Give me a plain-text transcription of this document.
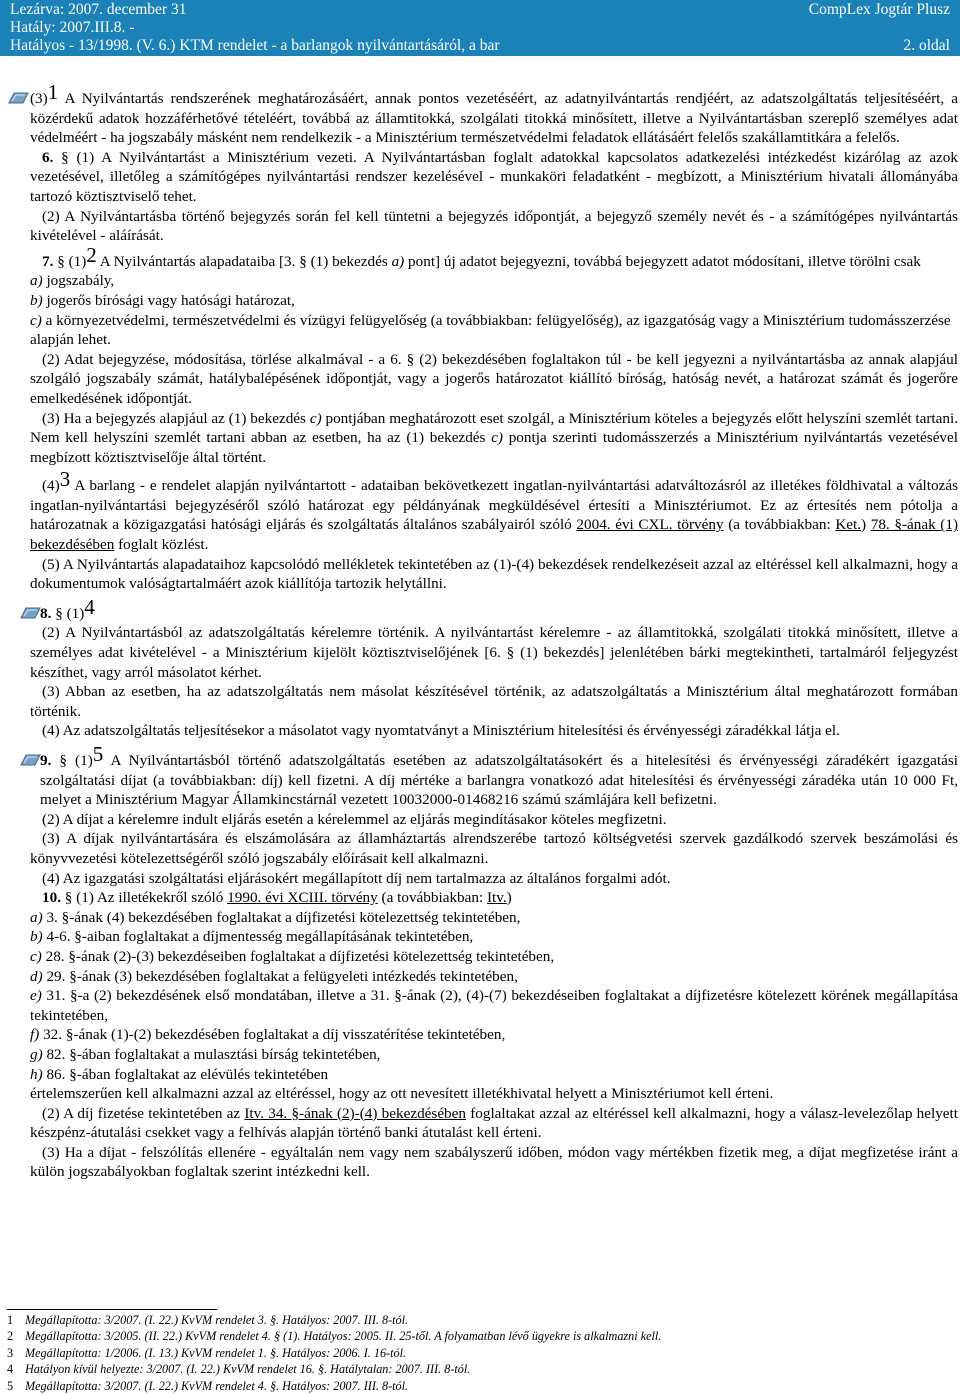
Lezárva: 2007. december 31	CompLex Jogtár Plusz
Hatály: 2007.III.8. -
Hatályos - 13/1998. (V. 6.) KTM rendelet - a barlangok nyilvántartásáról, a bar	2. oldal

$(3)^1$ A Nyilvántartás rendszerének meghatározásáért, annak pontos vezetéséért, az adatnyilvántartás rendjéért, az adatszolgáltatás teljesítéséért, a közérdekű adatok hozzáférhetővé tételéért, továbbá az államtitokká, szolgálati titokká minősített, illetve a Nyilvántartásban szereplő személyes adat védelméért - ha jogszabály másként nem rendelkezik - a Minisztérium természetvédelmi feladatok ellátásáért felelős szakállamtitkára a felelős.

6. § (1) A Nyilvántartást a Minisztérium vezeti. A Nyilvántartásban foglalt adatokkal kapcsolatos adatkezelési intézkedést kizárólag az azok vezetésével, illetőleg a számítógépes nyilvántartási rendszer kezelésével - munkaköri feladatként - megbízott, a Minisztérium hivatali állományába tartozó köztisztviselő tehet.

(2) A Nyilvántartásba történő bejegyzés során fel kell tüntetni a bejegyzés időpontját, a bejegyző személy nevét és - a számítógépes nyilvántartás kivételével - aláírását.

7. § $(1)^2$ A Nyilvántartás alapadataiba [3. § (1) bekezdés a) pont] új adatot bejegyezni, továbbá bejegyzett adatot módosítani, illetve törölni csak

a) jogszabály,

b) jogerős bírósági vagy hatósági határozat,

c) a környezetvédelmi, természetvédelmi és vízügyi felügyelőség (a továbbiakban: felügyelőség), az igazgatóság vagy a Minisztérium tudomásszerzése

alapján lehet.

(2) Adat bejegyzése, módosítása, törlése alkalmával - a 6. § (2) bekezdésében foglaltakon túl - be kell jegyezni a nyilvántartásba az annak alapjául szolgáló jogszabály számát, hatálybalépésének időpontját, vagy a jogerős határozatot kiállító bíróság, hatóság nevét, a határozat számát és jogerőre emelkedésének időpontját.

(3) Ha a bejegyzés alapjául az (1) bekezdés c) pontjában meghatározott eset szolgál, a Minisztérium köteles a bejegyzés előtt helyszíni szemlét tartani. Nem kell helyszíni szemlét tartani abban az esetben, ha az (1) bekezdés c) pontja szerinti tudomásszerzés a Minisztérium nyilvántartás vezetésével megbízott köztisztviselője által történt.

$(4)^3$ A barlang - e rendelet alapján nyilvántartott - adataiban bekövetkezett ingatlan-nyilvántartási adatváltozásról az illetékes földhivatal a változás ingatlan-nyilvántartási bejegyzéséről szóló határozat egy példányának megküldésével értesíti a Minisztériumot. Ez az értesítés nem pótolja a határozatnak a közigazgatási hatósági eljárás és szolgáltatás általános szabályairól szóló 2004. évi CXL. törvény (a továbbiakban: Ket.) 78. §-ának (1) bekezdésében foglalt közlést.

(5) A Nyilvántartás alapadataihoz kapcsolódó mellékletek tekintetében az (1)-(4) bekezdések rendelkezéseit azzal az eltéréssel kell alkalmazni, hogy a dokumentumok valóságtartalmáért azok kiállítója tartozik helytállni.

8. § $(1)^4$

(2) A Nyilvántartásból az adatszolgáltatás kérelemre történik. A nyilvántartást kérelemre - az államtitokká, szolgálati titokká minősített, illetve a személyes adat kivételével - a Minisztérium kijelölt köztisztviselőjének [6. § (1) bekezdés] jelenlétében bárki megtekintheti, tartalmáról feljegyzést készíthet, vagy arról másolatot kérhet.

(3) Abban az esetben, ha az adatszolgáltatás nem másolat készítésével történik, az adatszolgáltatás a Minisztérium által meghatározott formában történik.

(4) Az adatszolgáltatás teljesítésekor a másolatot vagy nyomtatványt a Minisztérium hitelesítési és érvényességi záradékkal látja el.

9. § $(1)^5$ A Nyilvántartásból történő adatszolgáltatás esetében az adatszolgáltatásokért és a hitelesítési és érvényességi záradékért igazgatási szolgáltatási díjat (a továbbiakban: díj) kell fizetni. A díj mértéke a barlangra vonatkozó adat hitelesítési és érvényességi záradéka után 10 000 Ft, melyet a Minisztérium Magyar Államkincstárnál vezetett 10032000-01468216 számú számlájára kell befizetni.

(2) A díjat a kérelemre indult eljárás esetén a kérelemmel az eljárás megindításakor köteles megfizetni.

(3) A díjak nyilvántartására és elszámolására az államháztartás alrendszerébe tartozó költségvetési szervek gazdálkodó szervek beszámolási és könyvvezetési kötelezettségéről szóló jogszabály előírásait kell alkalmazni.

(4) Az igazgatási szolgáltatási eljárásokért megállapított díj nem tartalmazza az általános forgalmi adót.

10. § (1) Az illetékekről szóló 1990. évi XCIII. törvény (a továbbiakban: Itv.)

a) 3. §-ának (4) bekezdésében foglaltakat a díjfizetési kötelezettség tekintetében,

b) 4-6. §-aiban foglaltakat a díjmentesség megállapításának tekintetében,

c) 28. §-ának (2)-(3) bekezdéseiben foglaltakat a díjfizetési kötelezettség tekintetében,

d) 29. §-ának (3) bekezdésében foglaltakat a felügyeleti intézkedés tekintetében,

e) 31. §-a (2) bekezdésének első mondatában, illetve a 31. §-ának (2), (4)-(7) bekezdéseiben foglaltakat a díjfizetésre kötelezett körének megállapítása tekintetében,

f) 32. §-ának (1)-(2) bekezdésében foglaltakat a díj visszatérítése tekintetében,

g) 82. §-ában foglaltakat a mulasztási bírság tekintetében,

h) 86. §-ában foglaltakat az elévülés tekintetében

értelemszerűen kell alkalmazni azzal az eltéréssel, hogy az ott nevesített illetékhivatal helyett a Minisztériumot kell érteni.

(2) A díj fizetése tekintetében az Itv. 34. §-ának (2)-(4) bekezdésében foglaltakat azzal az eltéréssel kell alkalmazni, hogy a válasz-levelezőlap helyett készpénz-átutalási csekket vagy a felhívás alapján történő banki átutalást kell érteni.

(3) Ha a díjat - felszólítás ellenére - egyáltalán nem vagy nem szabályszerű időben, módon vagy mértékben fizetik meg, a díjat megfizetése iránt a külön jogszabályokban foglaltak szerint intézkedni kell.

1 Megállapította: 3/2007. (I. 22.) KvVM rendelet 3. §. Hatályos: 2007. III. 8-tól.
2 Megállapította: 3/2005. (II. 22.) KvVM rendelet 4. § (1). Hatályos: 2005. II. 25-től. A folyamatban lévő ügyekre is alkalmazni kell.
3 Megállapította: 1/2006. (I. 13.) KvVM rendelet 1. §. Hatályos: 2006. I. 16-tól.
4 Hatályon kívül helyezte: 3/2007. (I. 22.) KvVM rendelet 16. §. Hatálytalan: 2007. III. 8-tól.
5 Megállapította: 3/2007. (I. 22.) KvVM rendelet 4. §. Hatályos: 2007. III. 8-tól.
